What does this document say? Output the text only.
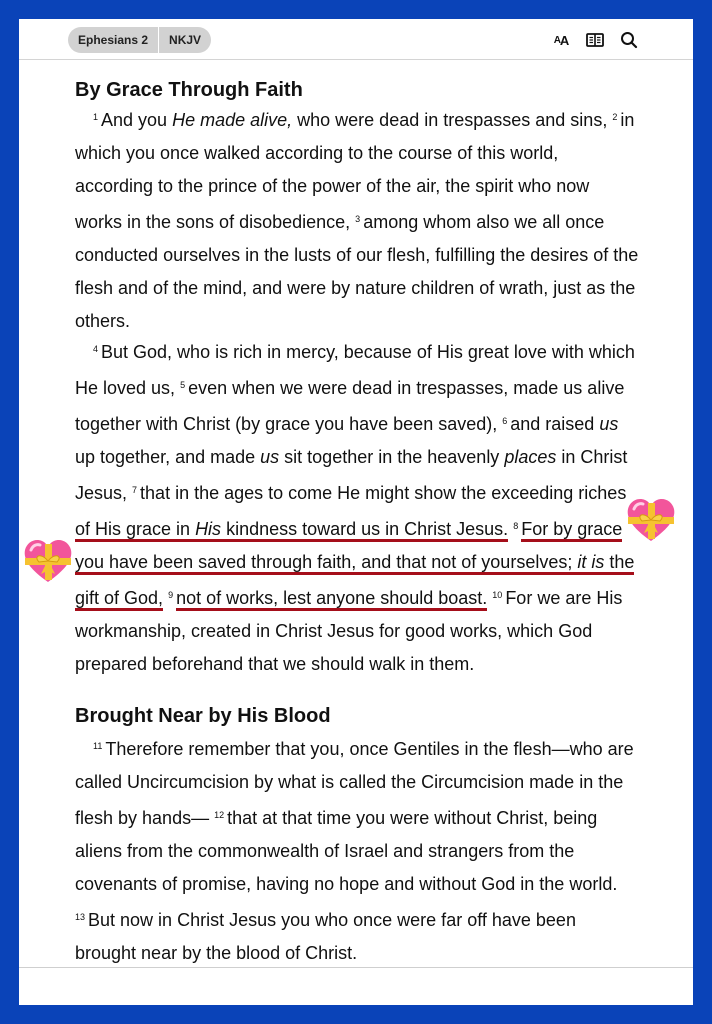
Ephesians 2	NKJV	A A
By Grace Through Faith
$^1$ And you He made alive, who were dead in trespasses and sins, $^2$ in which you once walked according to the course of this world, according to the prince of the power of the air, the spirit who now works in the sons of disobedience, $^3$ among whom also we all once conducted ourselves in the lusts of our flesh, fulfilling the desires of the flesh and of the mind, and were by nature children of wrath, just as the others.
$^4$ But God, who is rich in mercy, because of His great love with which He loved us, $^5$ even when we were dead in trespasses, made us alive together with Christ (by grace you have been saved), $^6$ and raised us up together, and made us sit together in the heavenly places in Christ Jesus, $^7$ that in the ages to come He might show the exceeding riches of His grace in His kindness toward us in Christ Jesus. $^8$ For by grace you have been saved through faith, and that not of yourselves; it is the gift of God, $^9$ not of works, lest anyone should boast. $^{10}$ For we are His workmanship, created in Christ Jesus for good works, which God prepared beforehand that we should walk in them.
Brought Near by His Blood
$^{11}$ Therefore remember that you, once Gentiles in the flesh—who are called Uncircumcision by what is called the Circumcision made in the flesh by hands— $^{12}$ that at that time you were without Christ, being aliens from the commonwealth of Israel and strangers from the covenants of promise, having no hope and without God in the world. $^{13}$ But now in Christ Jesus you who once were far off have been brought near by the blood of Christ.
